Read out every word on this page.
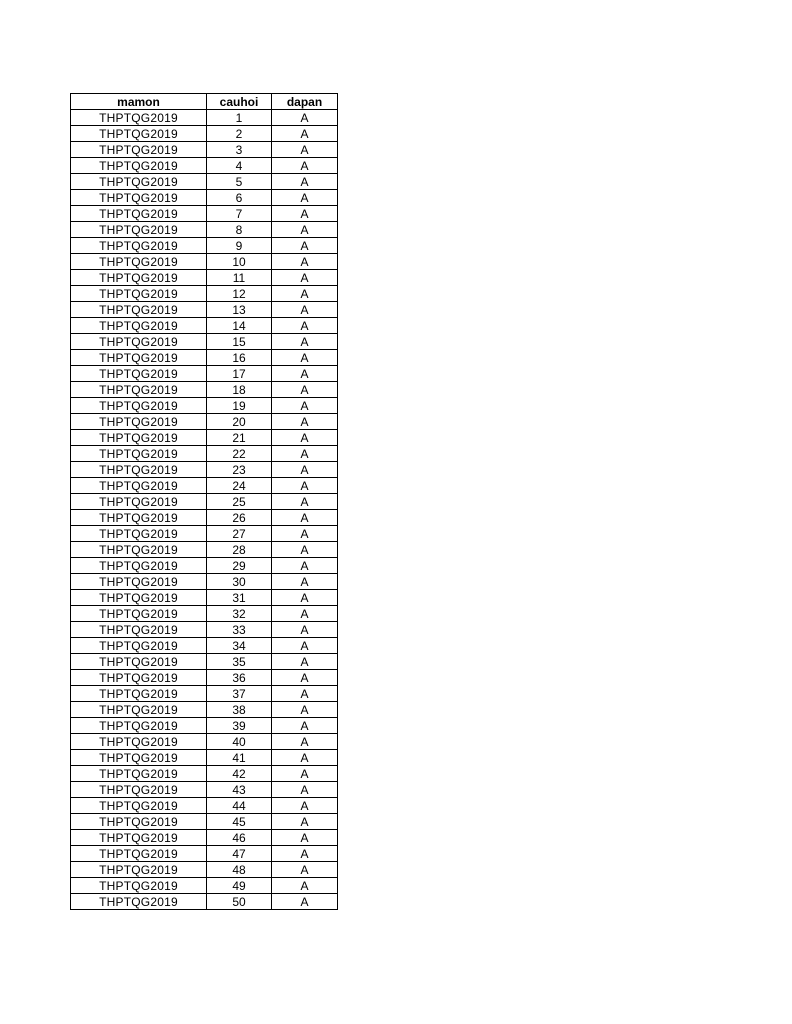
mamon	cauhoi	dapan
THPTQG2019	1	A
THPTQG2019	2	A
THPTQG2019	3	A
THPTQG2019	4	A
THPTQG2019	5	A
THPTQG2019	6	A
THPTQG2019	7	A
THPTQG2019	8	A
THPTQG2019	9	A
THPTQG2019	10	A
THPTQG2019	11	A
THPTQG2019	12	A
THPTQG2019	13	A
THPTQG2019	14	A
THPTQG2019	15	A
THPTQG2019	16	A
THPTQG2019	17	A
THPTQG2019	18	A
THPTQG2019	19	A
THPTQG2019	20	A
THPTQG2019	21	A
THPTQG2019	22	A
THPTQG2019	23	A
THPTQG2019	24	A
THPTQG2019	25	A
THPTQG2019	26	A
THPTQG2019	27	A
THPTQG2019	28	A
THPTQG2019	29	A
THPTQG2019	30	A
THPTQG2019	31	A
THPTQG2019	32	A
THPTQG2019	33	A
THPTQG2019	34	A
THPTQG2019	35	A
THPTQG2019	36	A
THPTQG2019	37	A
THPTQG2019	38	A
THPTQG2019	39	A
THPTQG2019	40	A
THPTQG2019	41	A
THPTQG2019	42	A
THPTQG2019	43	A
THPTQG2019	44	A
THPTQG2019	45	A
THPTQG2019	46	A
THPTQG2019	47	A
THPTQG2019	48	A
THPTQG2019	49	A
THPTQG2019	50	A
